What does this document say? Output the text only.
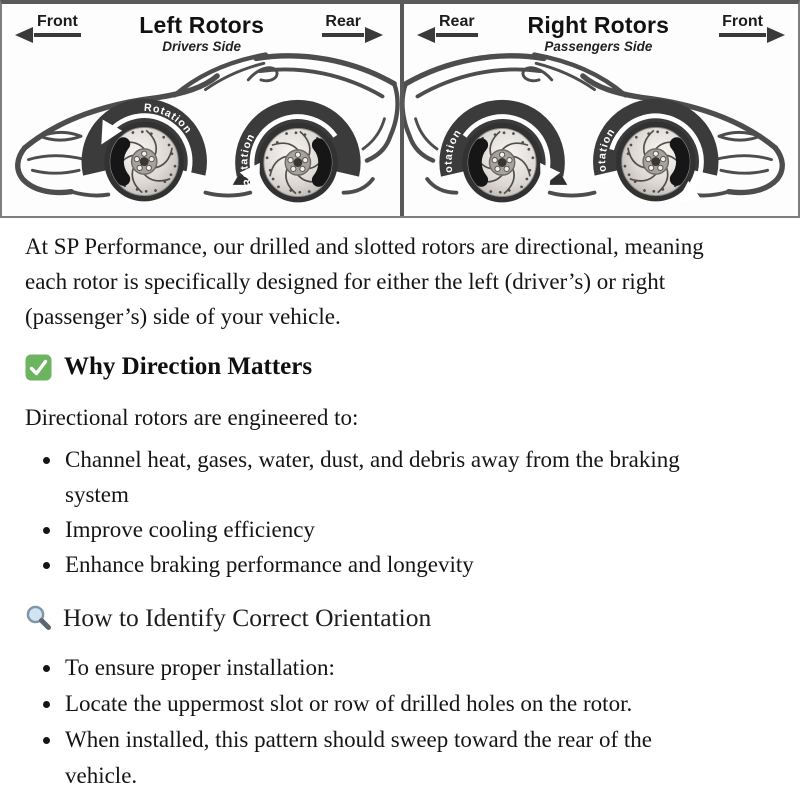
Rotation
Rotation
Rotation
Rotation
Front	Left Rotors
Drivers Side
Rear	Rear Right Rotors
Passengers Side
Front

At SP Performance, our drilled and slotted rotors are directional, meaning each rotor is specifically designed for either the left (driver’s) or right (passenger’s) side of your vehicle.

Why Direction Matters

Directional rotors are engineered to:

• Channel heat, gases, water, dust, and debris away from the braking system
• Improve cooling efficiency
• Enhance braking performance and longevity
How to Identify Correct Orientation
• To ensure proper installation:
• Locate the uppermost slot or row of drilled holes on the rotor.
• When installed, this pattern should sweep toward the rear of the vehicle.
